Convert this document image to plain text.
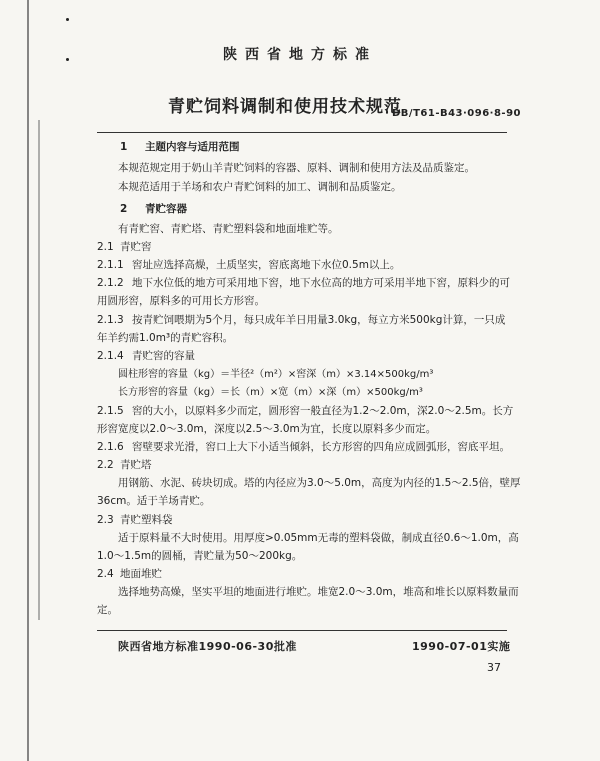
陕西省地方标准
青贮饲料调制和使用技术规范
DB/T61-B43·096·8-90
1 主题内容与适用范围
本规范规定用于奶山羊青贮饲料的容器、原料、调制和使用方法及品质鉴定。
本规范适用于羊场和农户青贮饲料的加工、调制和品质鉴定。
2 青贮容器
有青贮窖、青贮塔、青贮塑料袋和地面堆贮等。
2.1 青贮窖
2.1.1 窖址应选择高燥，土质坚实，窖底离地下水位0.5m以上。
2.1.2 地下水位低的地方可采用地下窖，地下水位高的地方可采用半地下窖，原料少的可
用圆形窖，原料多的可用长方形窖。
2.1.3 按青贮饲喂期为5个月，每只成年羊日用量3.0kg，每立方米500kg计算，一只成
年羊约需1.0m³的青贮容积。
2.1.4 青贮窖的容量
圆柱形窖的容量（kg）＝半径²（m²）×窖深（m）×3.14×500kg/m³
长方形窖的容量（kg）＝长（m）×宽（m）×深（m）×500kg/m³
2.1.5 窖的大小，以原料多少而定，圆形窖一般直径为1.2～2.0m，深2.0～2.5m。长方
形窖宽度以2.0～3.0m，深度以2.5～3.0m为宜，长度以原料多少而定。
2.1.6 窖壁要求光滑，窖口上大下小适当倾斜，长方形窖的四角应成圆弧形，窖底平坦。
2.2 青贮塔
用钢筋、水泥、砖块切成。塔的内径应为3.0～5.0m，高度为内径的1.5～2.5倍，壁厚
36cm。适于羊场青贮。
2.3 青贮塑料袋
适于原料量不大时使用。用厚度>0.05mm无毒的塑料袋做，制成直径0.6～1.0m，高
1.0～1.5m的圆桶，青贮量为50～200kg。
2.4 地面堆贮
选择地势高燥，坚实平坦的地面进行堆贮。堆宽2.0～3.0m，堆高和堆长以原料数量而
定。
陕西省地方标准1990-06-30批准	1990-07-01实施
37
